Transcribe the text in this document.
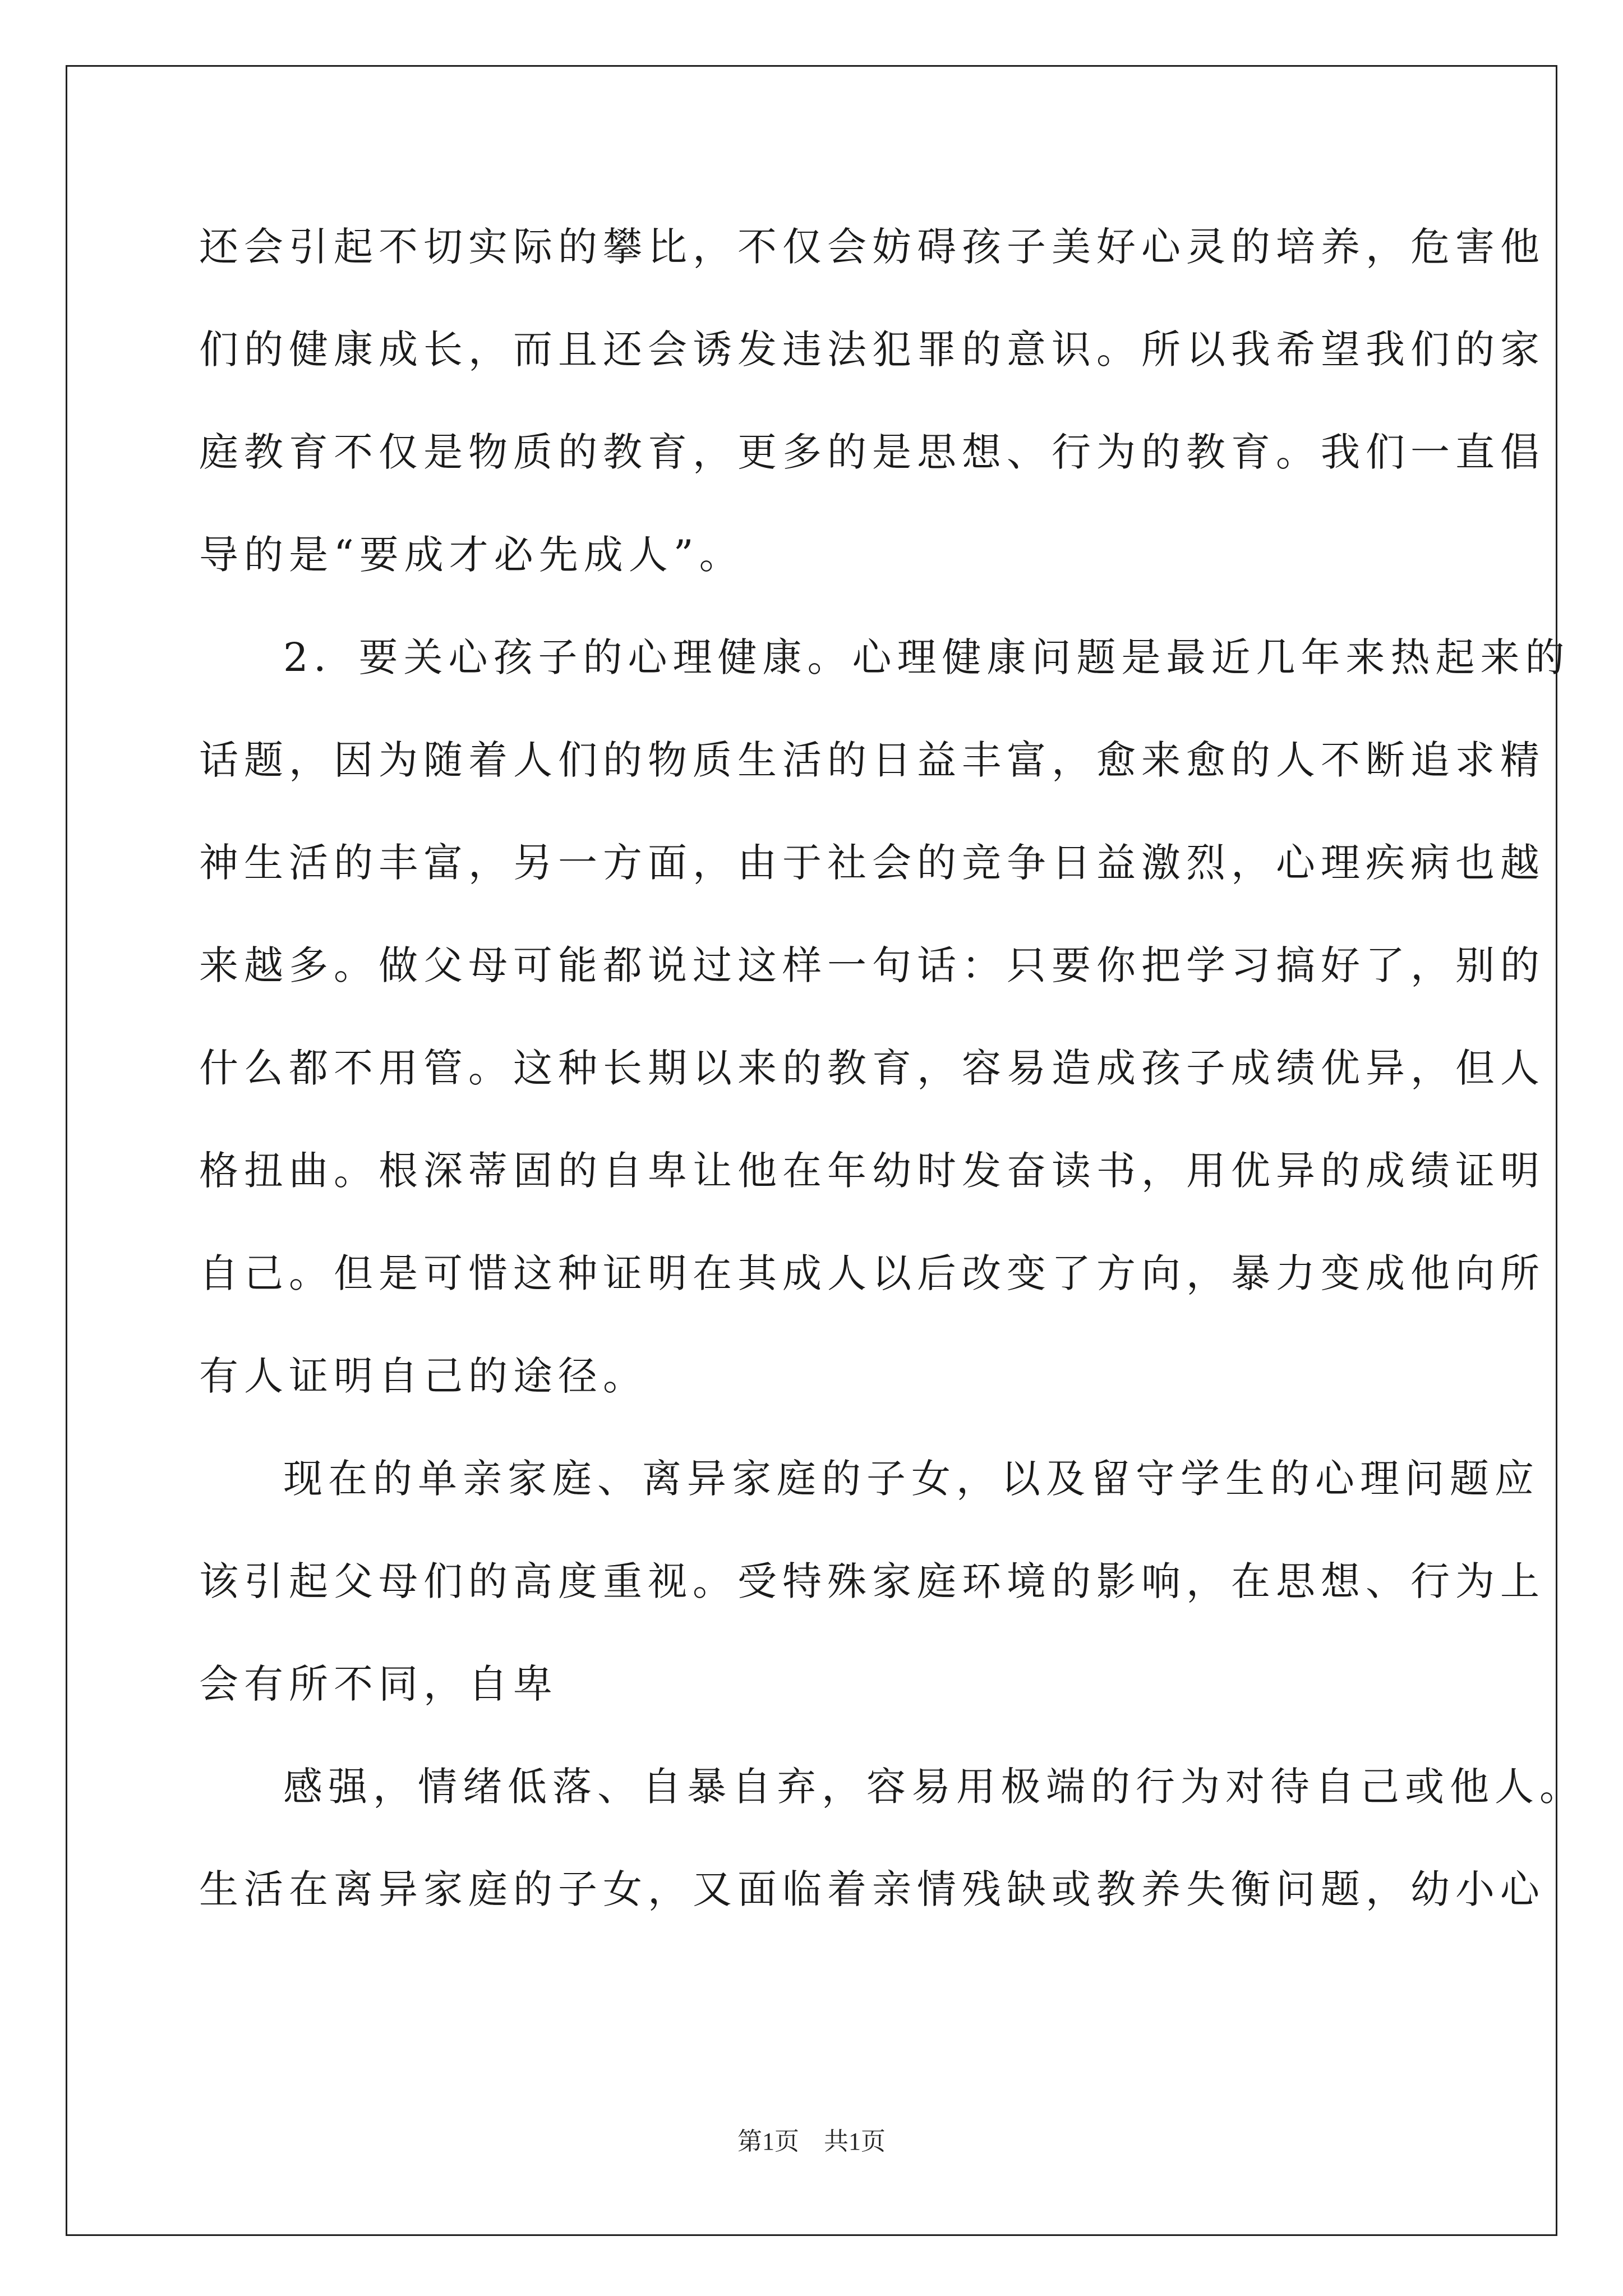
还会引起不切实际的攀比，不仅会妨碍孩子美好心灵的培养，危害他
们的健康成长，而且还会诱发违法犯罪的意识。所以我希望我们的家
庭教育不仅是物质的教育，更多的是思想、行为的教育。我们一直倡
导的是“要成才必先成人”。
2．要关心孩子的心理健康。心理健康问题是最近几年来热起来的
话题，因为随着人们的物质生活的日益丰富，愈来愈的人不断追求精
神生活的丰富，另一方面，由于社会的竞争日益激烈，心理疾病也越
来越多。做父母可能都说过这样一句话：只要你把学习搞好了，别的
什么都不用管。这种长期以来的教育，容易造成孩子成绩优异，但人
格扭曲。根深蒂固的自卑让他在年幼时发奋读书，用优异的成绩证明
自己。但是可惜这种证明在其成人以后改变了方向，暴力变成他向所
有人证明自己的途径。
现在的单亲家庭、离异家庭的子女，以及留守学生的心理问题应
该引起父母们的高度重视。受特殊家庭环境的影响，在思想、行为上
会有所不同，自卑
感强，情绪低落、自暴自弃，容易用极端的行为对待自己或他人。
生活在离异家庭的子女，又面临着亲情残缺或教养失衡问题，幼小心
第1页　共1页
